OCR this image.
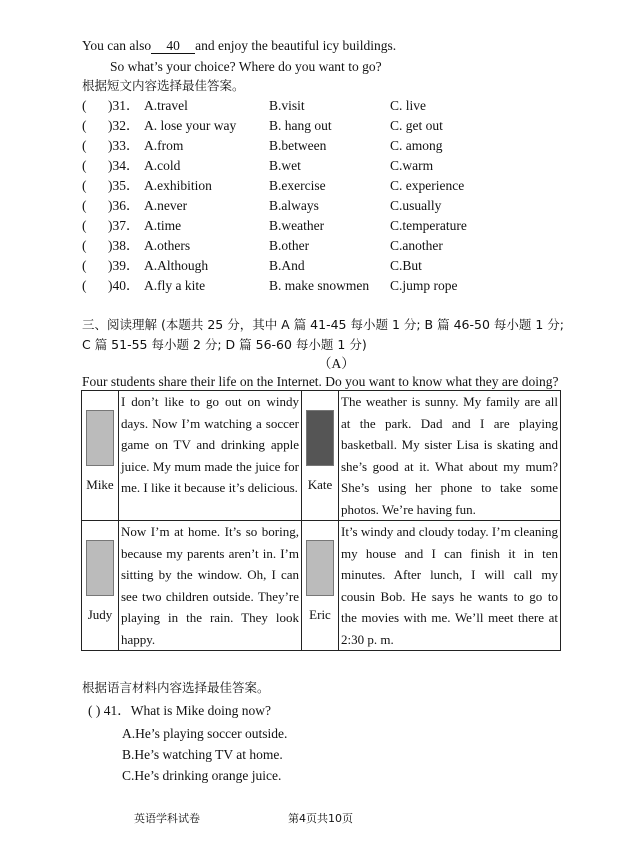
You can also 40 and enjoy the beautiful icy buildings.
So what’s your choice? Where do you want to go?
根据短文内容选择最佳答案。
( )31． A.travel	B.visit	C. live
( )32． A. lose your way B. hang out	C. get out
( )33． A.from	B.between	C. among
( )34． A.cold	B.wet	C.warm
( )35． A.exhibition	B.exercise	C. experience
( )36． A.never	B.always	C.usually
( )37． A.time	B.weather	C.temperature
( )38． A.others	B.other	C.another
( )39． A.Although	B.And	C.But
( )40． A.fly a kite	B. make snowmen C.jump rope
三、阅读理解 (本题共 25 分，其中 A 篇 41-45 每小题 1 分; B 篇 46-50 每小题 1 分;
C 篇 51-55 每小题 2 分; D 篇 56-60 每小题 1 分)
（A）
Four students share their life on the Internet. Do you want to know what they are doing?
Mike	I don’t like to go out on windy days. Now I’m watching a soccer game on TV and drinking apple juice. My mum made the juice for me. I like it because it’s delicious.	Kate	The weather is sunny. My family are all at the park. Dad and I are playing basketball. My sister Lisa is skating and she’s good at it. What about my mum? She’s using her phone to take some photos. We’re having fun.

Judy	Now I’m at home. It’s so boring, because my parents aren’t in. I’m sitting by the window. Oh, I can see two children outside. They’re playing in the rain. They look happy.	Eric	It’s windy and cloudy today. I’m cleaning my house and I can finish it in ten minutes. After lunch, I will call my cousin Bob. He says he wants to go to the movies with me. We’ll meet there at 2:30 p. m.
根据语言材料内容选择最佳答案。
( ) 41．What is Mike doing now?
A.He’s playing soccer outside.
B.He’s watching TV at home.
C.He’s drinking orange juice.
英语学科试卷	第4页共10页
